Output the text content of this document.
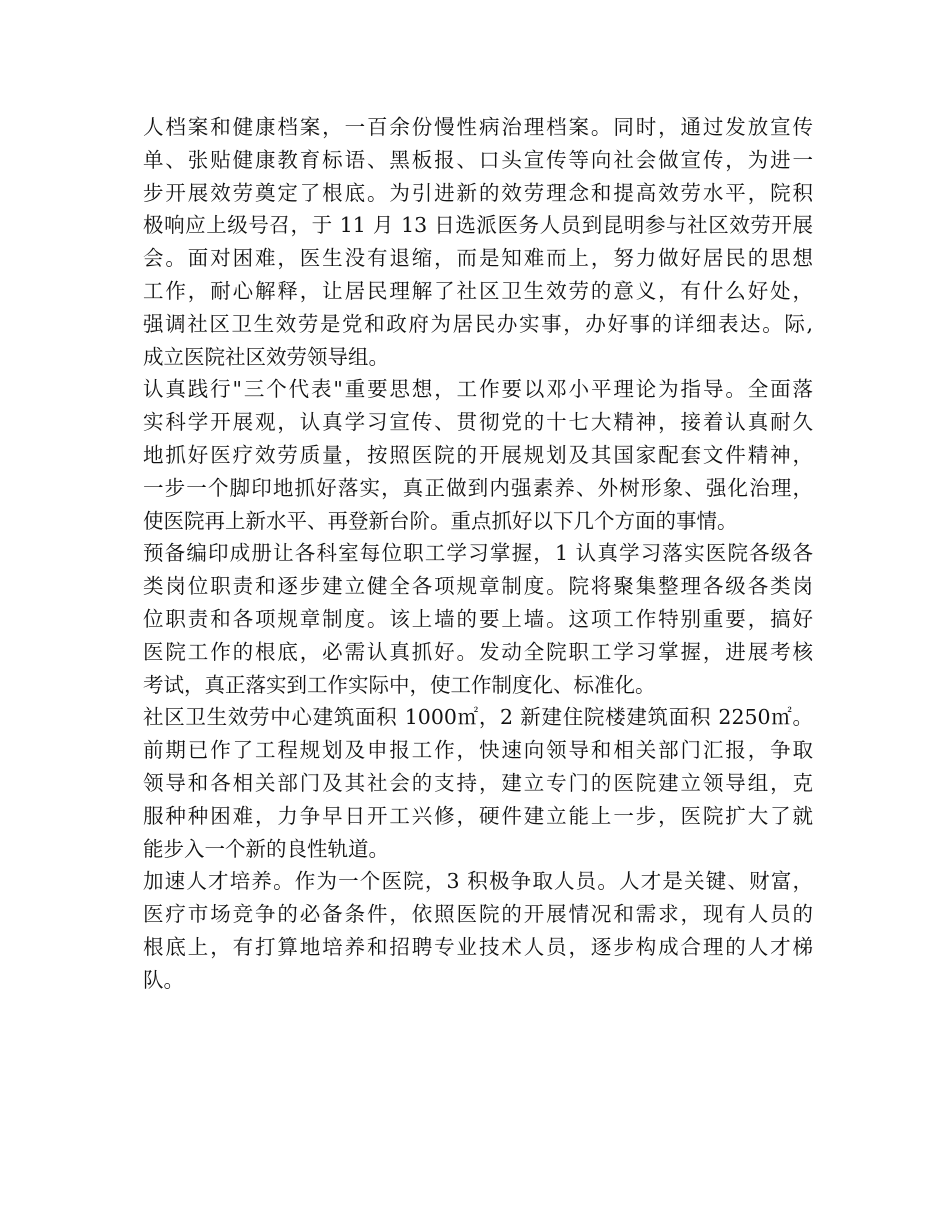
人档案和健康档案，一百余份慢性病治理档案。同时，通过发放宣传
单、张贴健康教育标语、黑板报、口头宣传等向社会做宣传，为进一
步开展效劳奠定了根底。为引进新的效劳理念和提高效劳水平，院积
极响应上级号召，于 11 月 13 日选派医务人员到昆明参与社区效劳开展
会。面对困难，医生没有退缩，而是知难而上，努力做好居民的思想
工作，耐心解释，让居民理解了社区卫生效劳的意义，有什么好处，
强调社区卫生效劳是党和政府为居民办实事，办好事的详细表达。际,
成立医院社区效劳领导组。
认真践行"三个代表"重要思想，工作要以邓小平理论为指导。全面落
实科学开展观，认真学习宣传、贯彻党的十七大精神，接着认真耐久
地抓好医疗效劳质量，按照医院的开展规划及其国家配套文件精神，
一步一个脚印地抓好落实，真正做到内强素养、外树形象、强化治理，
使医院再上新水平、再登新台阶。重点抓好以下几个方面的事情。
预备编印成册让各科室每位职工学习掌握，1 认真学习落实医院各级各
类岗位职责和逐步建立健全各项规章制度。院将聚集整理各级各类岗
位职责和各项规章制度。该上墙的要上墙。这项工作特别重要，搞好
医院工作的根底，必需认真抓好。发动全院职工学习掌握，进展考核
考试，真正落实到工作实际中，使工作制度化、标准化。
社区卫生效劳中心建筑面积 1000㎡，2 新建住院楼建筑面积 2250㎡。
前期已作了工程规划及申报工作，快速向领导和相关部门汇报，争取
领导和各相关部门及其社会的支持，建立专门的医院建立领导组，克
服种种困难，力争早日开工兴修，硬件建立能上一步，医院扩大了就
能步入一个新的良性轨道。
加速人才培养。作为一个医院，3 积极争取人员。人才是关键、财富，
医疗市场竞争的必备条件，依照医院的开展情况和需求，现有人员的
根底上，有打算地培养和招聘专业技术人员，逐步构成合理的人才梯
队。
